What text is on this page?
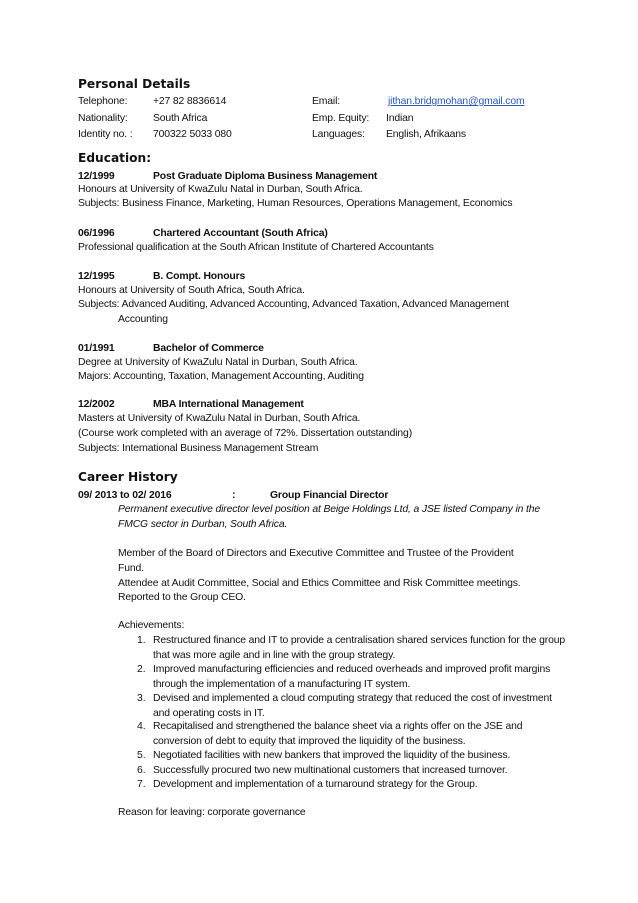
Personal Details
Telephone: +27 82 8836614	Email:	jithan.bridgmohan@gmail.com
Nationality: South Africa	Emp. Equity: Indian
Identity no. : 700322 5033 080	Languages: English, Afrikaans
Education:
12/1999	Post Graduate Diploma Business Management
Honours at University of KwaZulu Natal in Durban, South Africa.
Subjects: Business Finance, Marketing, Human Resources, Operations Management, Economics
06/1996	Chartered Accountant (South Africa)
Professional qualification at the South African Institute of Chartered Accountants
12/1995	B. Compt. Honours
Honours at University of South Africa, South Africa.
Subjects: Advanced Auditing, Advanced Accounting, Advanced Taxation, Advanced Management
Accounting
01/1991	Bachelor of Commerce
Degree at University of KwaZulu Natal in Durban, South Africa.
Majors: Accounting, Taxation, Management Accounting, Auditing
12/2002	MBA International Management
Masters at University of KwaZulu Natal in Durban, South Africa.
(Course work completed with an average of 72%. Dissertation outstanding)
Subjects: International Business Management Stream
Career History
09/ 2013 to 02/ 2016	:	Group Financial Director
Permanent executive director level position at Beige Holdings Ltd, a JSE listed Company in the
FMCG sector in Durban, South Africa.
Member of the Board of Directors and Executive Committee and Trustee of the Provident
Fund.
Attendee at Audit Committee, Social and Ethics Committee and Risk Committee meetings.
Reported to the Group CEO.
Achievements:
1. Restructured finance and IT to provide a centralisation shared services function for the group that was more agile and in line with the group strategy.
2. Improved manufacturing efficiencies and reduced overheads and improved profit margins through the implementation of a manufacturing IT system.
3. Devised and implemented a cloud computing strategy that reduced the cost of investment and operating costs in IT.
4. Recapitalised and strengthened the balance sheet via a rights offer on the JSE and conversion of debt to equity that improved the liquidity of the business.
5. Negotiated facilities with new bankers that improved the liquidity of the business.
6. Successfully procured two new multinational customers that increased turnover.
7. Development and implementation of a turnaround strategy for the Group.
Reason for leaving: corporate governance
